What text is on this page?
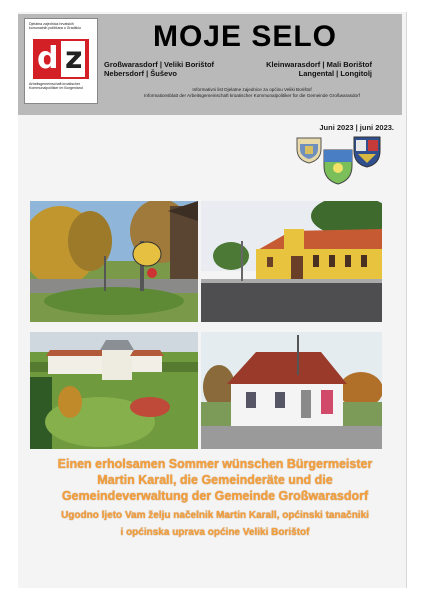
Djelatna zajednica hrvatskih komunalnih političara u Gradišću
d z
Arbeitsgemeinschaft kroatischer Kommunalpolitiker im Burgenland
MOJE SELO
Großwarasdorf | Veliki Borištof
Nebersdorf | Šuševo
Kleinwarasdorf | Mali Borištof
Langental | Longitolj
Informativni list Djelatne zajednice za općinu Veliki Borištof
Informationsblatt der Arbeitsgemeinschaft kroatischer Kommunalpolitiker für die Gemeinde Großwarasdorf
Juni 2023 | juni 2023.
Einen erholsamen Sommer wünschen Bürgermeister
Martin Karall, die Gemeinderäte und die
Gemeindeverwaltung der Gemeinde Großwarasdorf
Ugodno ljeto Vam želju načelnik Martin Karall, općinski tanačniki
i općinska uprava općine Veliki Borištof
